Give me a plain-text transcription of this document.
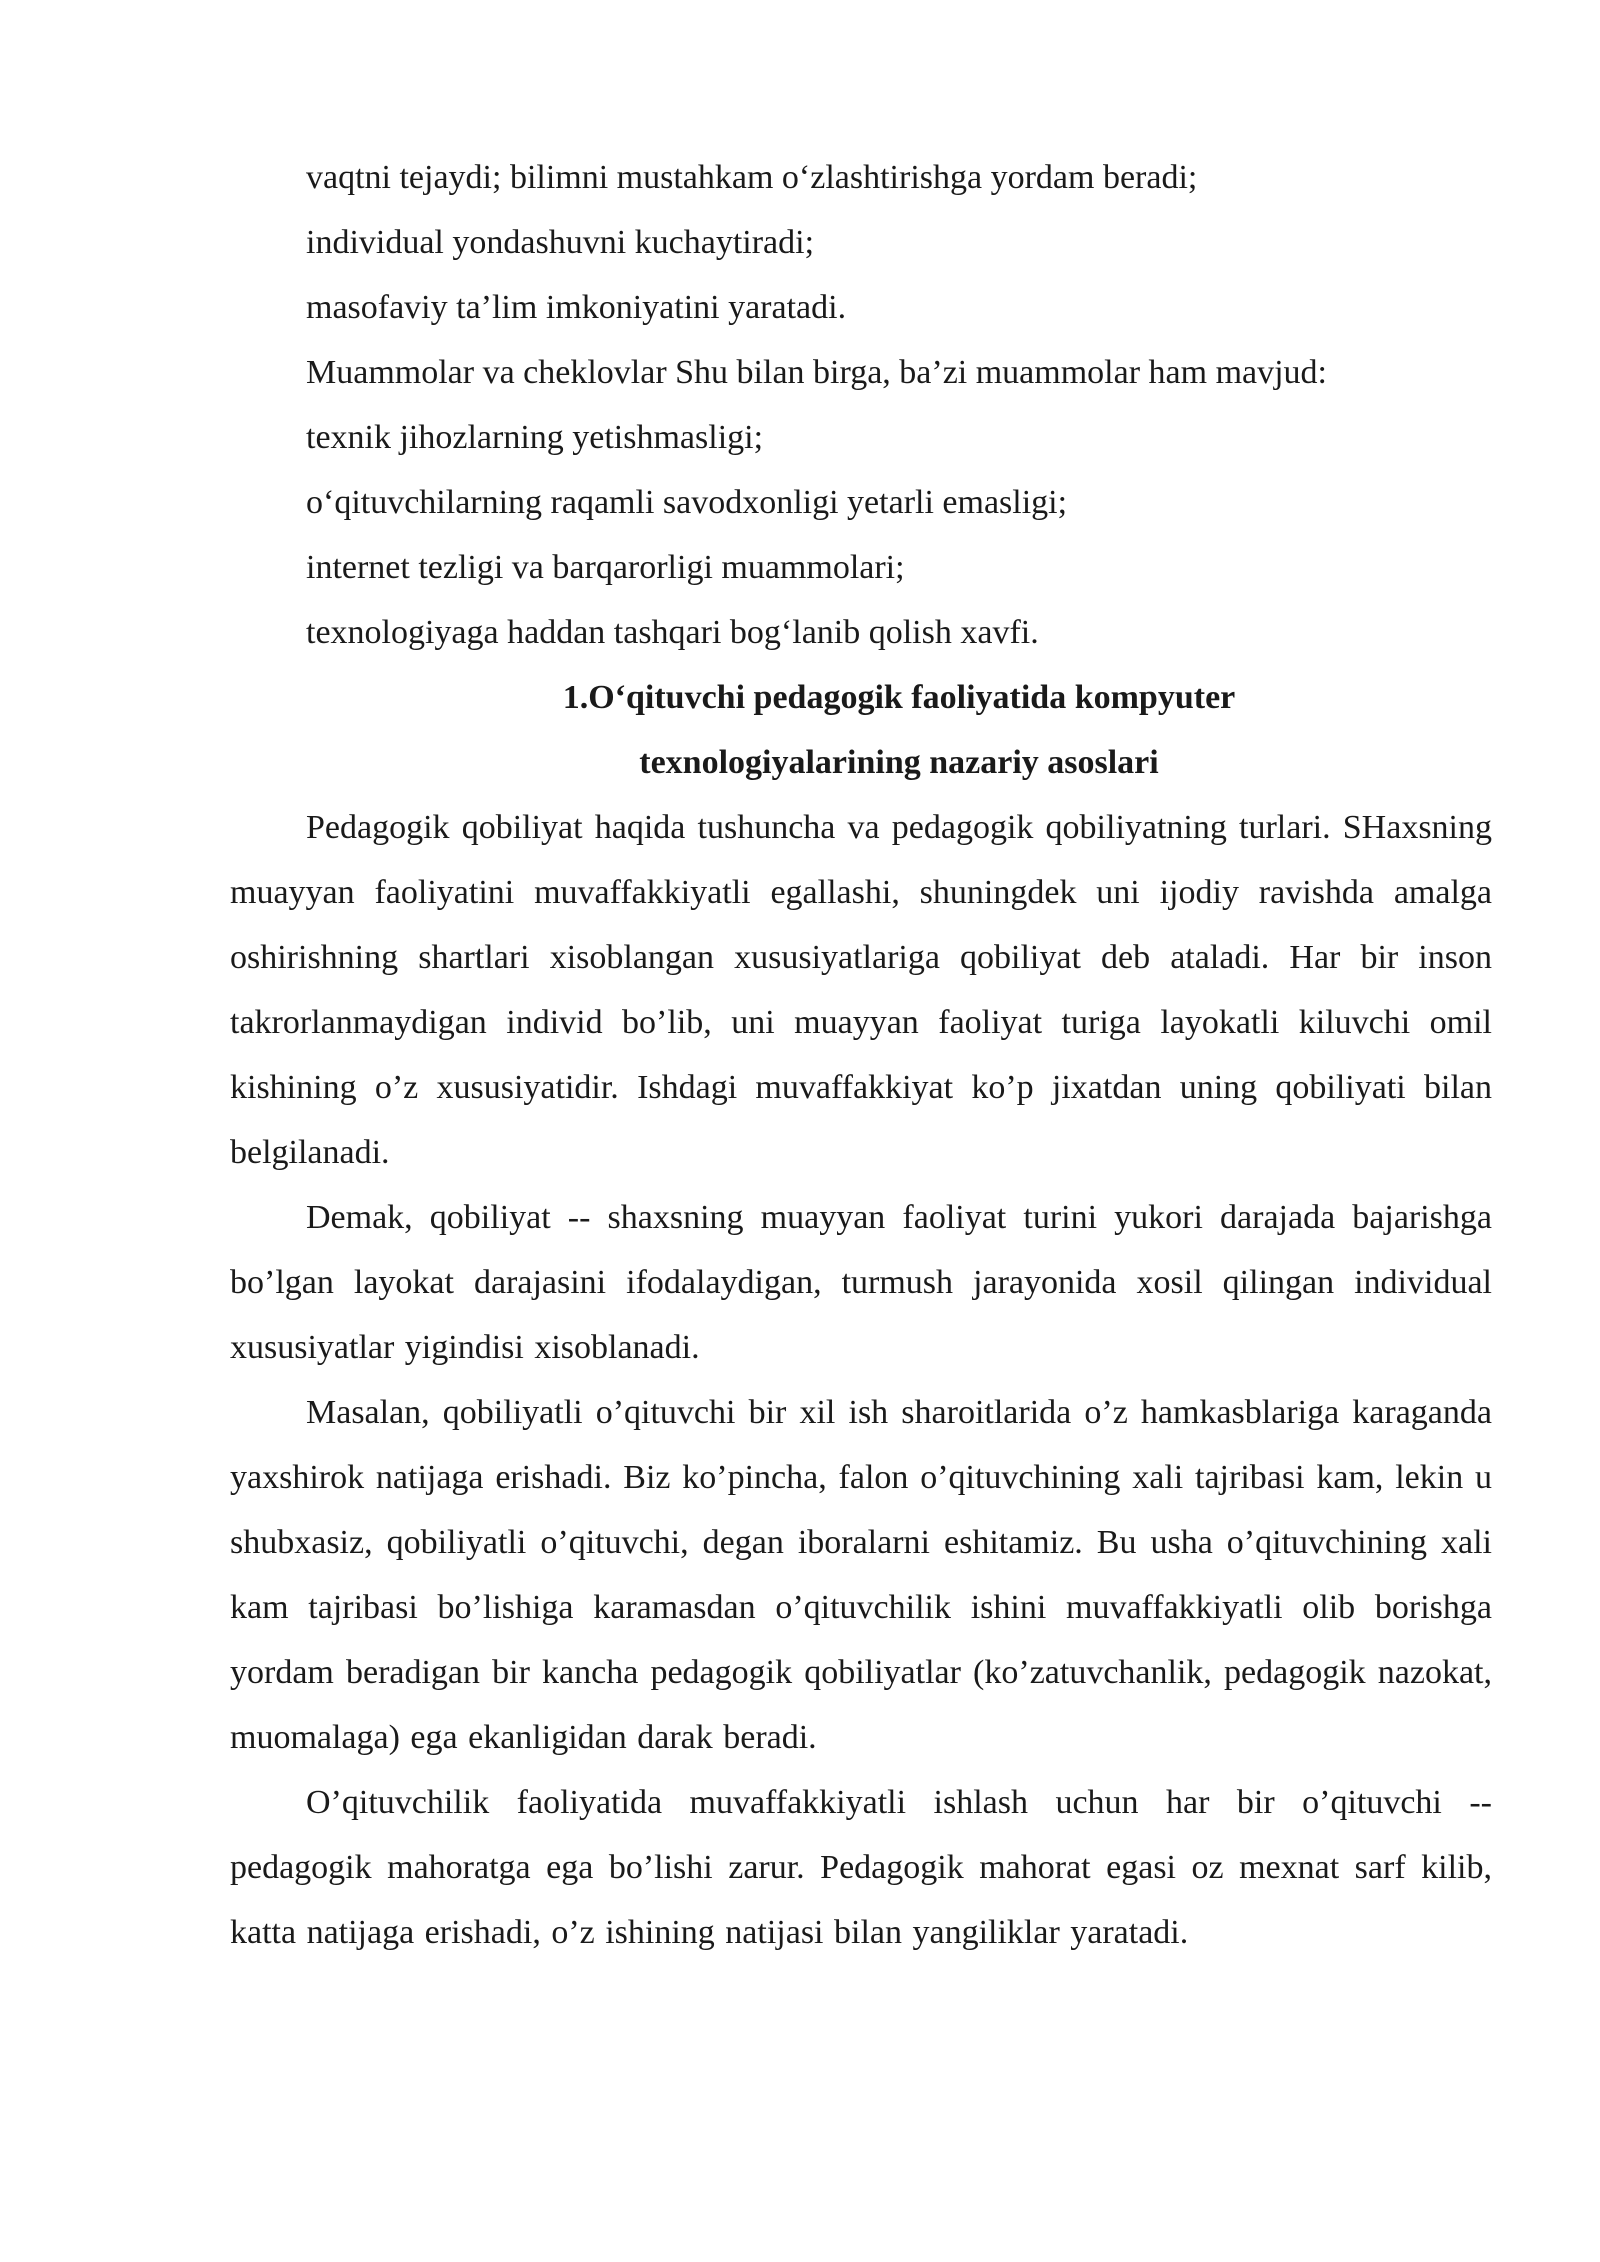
vaqtni tejaydi; bilimni mustahkam o‘zlashtirishga yordam beradi;

individual yondashuvni kuchaytiradi;

masofaviy ta’lim imkoniyatini yaratadi.

Muammolar va cheklovlar Shu bilan birga, ba’zi muammolar ham mavjud:

texnik jihozlarning yetishmasligi;

o‘qituvchilarning raqamli savodxonligi yetarli emasligi;

internet tezligi va barqarorligi muammolari;

texnologiyaga haddan tashqari bog‘lanib qolish xavfi.

1.O‘qituvchi pedagogik faoliyatida kompyuter

texnologiyalarining nazariy asoslari

Pedagogik qobiliyat haqida tushuncha va pedagogik qobiliyatning turlari. SHaxsning muayyan faoliyatini muvaffakkiyatli egallashi, shuningdek uni ijodiy ravishda amalga oshirishning shartlari xisoblangan xususiyatlariga qobiliyat deb ataladi. Har bir inson takrorlanmaydigan individ bo’lib, uni muayyan faoliyat turiga layokatli kiluvchi omil kishining o’z xususiyatidir. Ishdagi muvaffakkiyat ko’p jixatdan uning qobiliyati bilan belgilanadi.

Demak, qobiliyat -- shaxsning muayyan faoliyat turini yukori darajada bajarishga bo’lgan layokat darajasini ifodalaydigan, turmush jarayonida xosil qilingan individual xususiyatlar yigindisi xisoblanadi.

Masalan, qobiliyatli o’qituvchi bir xil ish sharoitlarida o’z hamkasblariga karaganda yaxshirok natijaga erishadi. Biz ko’pincha, falon o’qituvchining xali tajribasi kam, lekin u shubxasiz, qobiliyatli o’qituvchi, degan iboralarni eshitamiz. Bu usha o’qituvchining xali kam tajribasi bo’lishiga karamasdan o’qituvchilik ishini muvaffakkiyatli olib borishga yordam beradigan bir kancha pedagogik qobiliyatlar (ko’zatuvchanlik, pedagogik nazokat, muomalaga) ega ekanligidan darak beradi.

O’qituvchilik faoliyatida muvaffakkiyatli ishlash uchun har bir o’qituvchi -- pedagogik mahoratga ega bo’lishi zarur. Pedagogik mahorat egasi oz mexnat sarf kilib, katta natijaga erishadi, o’z ishining natijasi bilan yangiliklar yaratadi.
